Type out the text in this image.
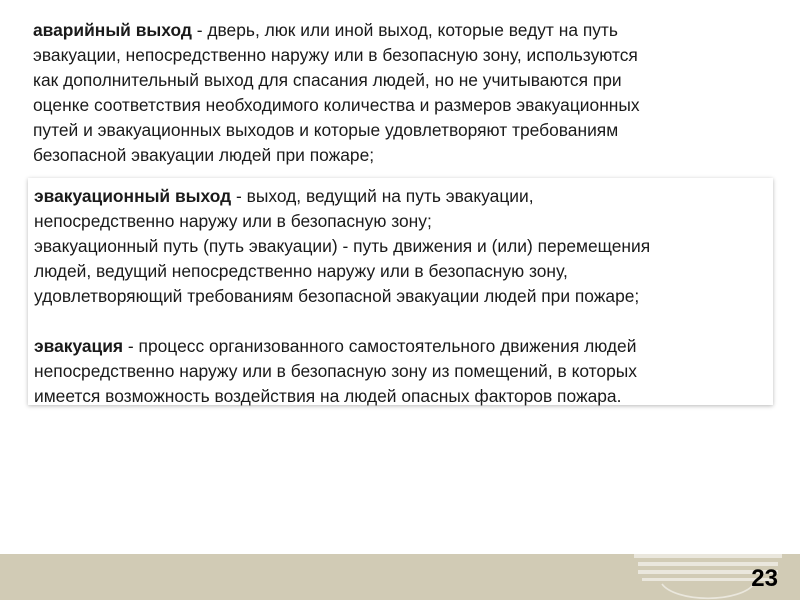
аварийный выход - дверь, люк или иной выход, которые ведут на путь
эвакуации, непосредственно наружу или в безопасную зону, используются
как дополнительный выход для спасания людей, но не учитываются при
оценке соответствия необходимого количества и размеров эвакуационных
путей и эвакуационных выходов и которые удовлетворяют требованиям
безопасной эвакуации людей при пожаре;
эвакуационный выход - выход, ведущий на путь эвакуации,
непосредственно наружу или в безопасную зону;
эвакуационный путь (путь эвакуации) - путь движения и (или) перемещения
людей, ведущий непосредственно наружу или в безопасную зону,
удовлетворяющий требованиям безопасной эвакуации людей при пожаре;
эвакуация - процесс организованного самостоятельного движения людей
непосредственно наружу или в безопасную зону из помещений, в которых
имеется возможность воздействия на людей опасных факторов пожара.
23
